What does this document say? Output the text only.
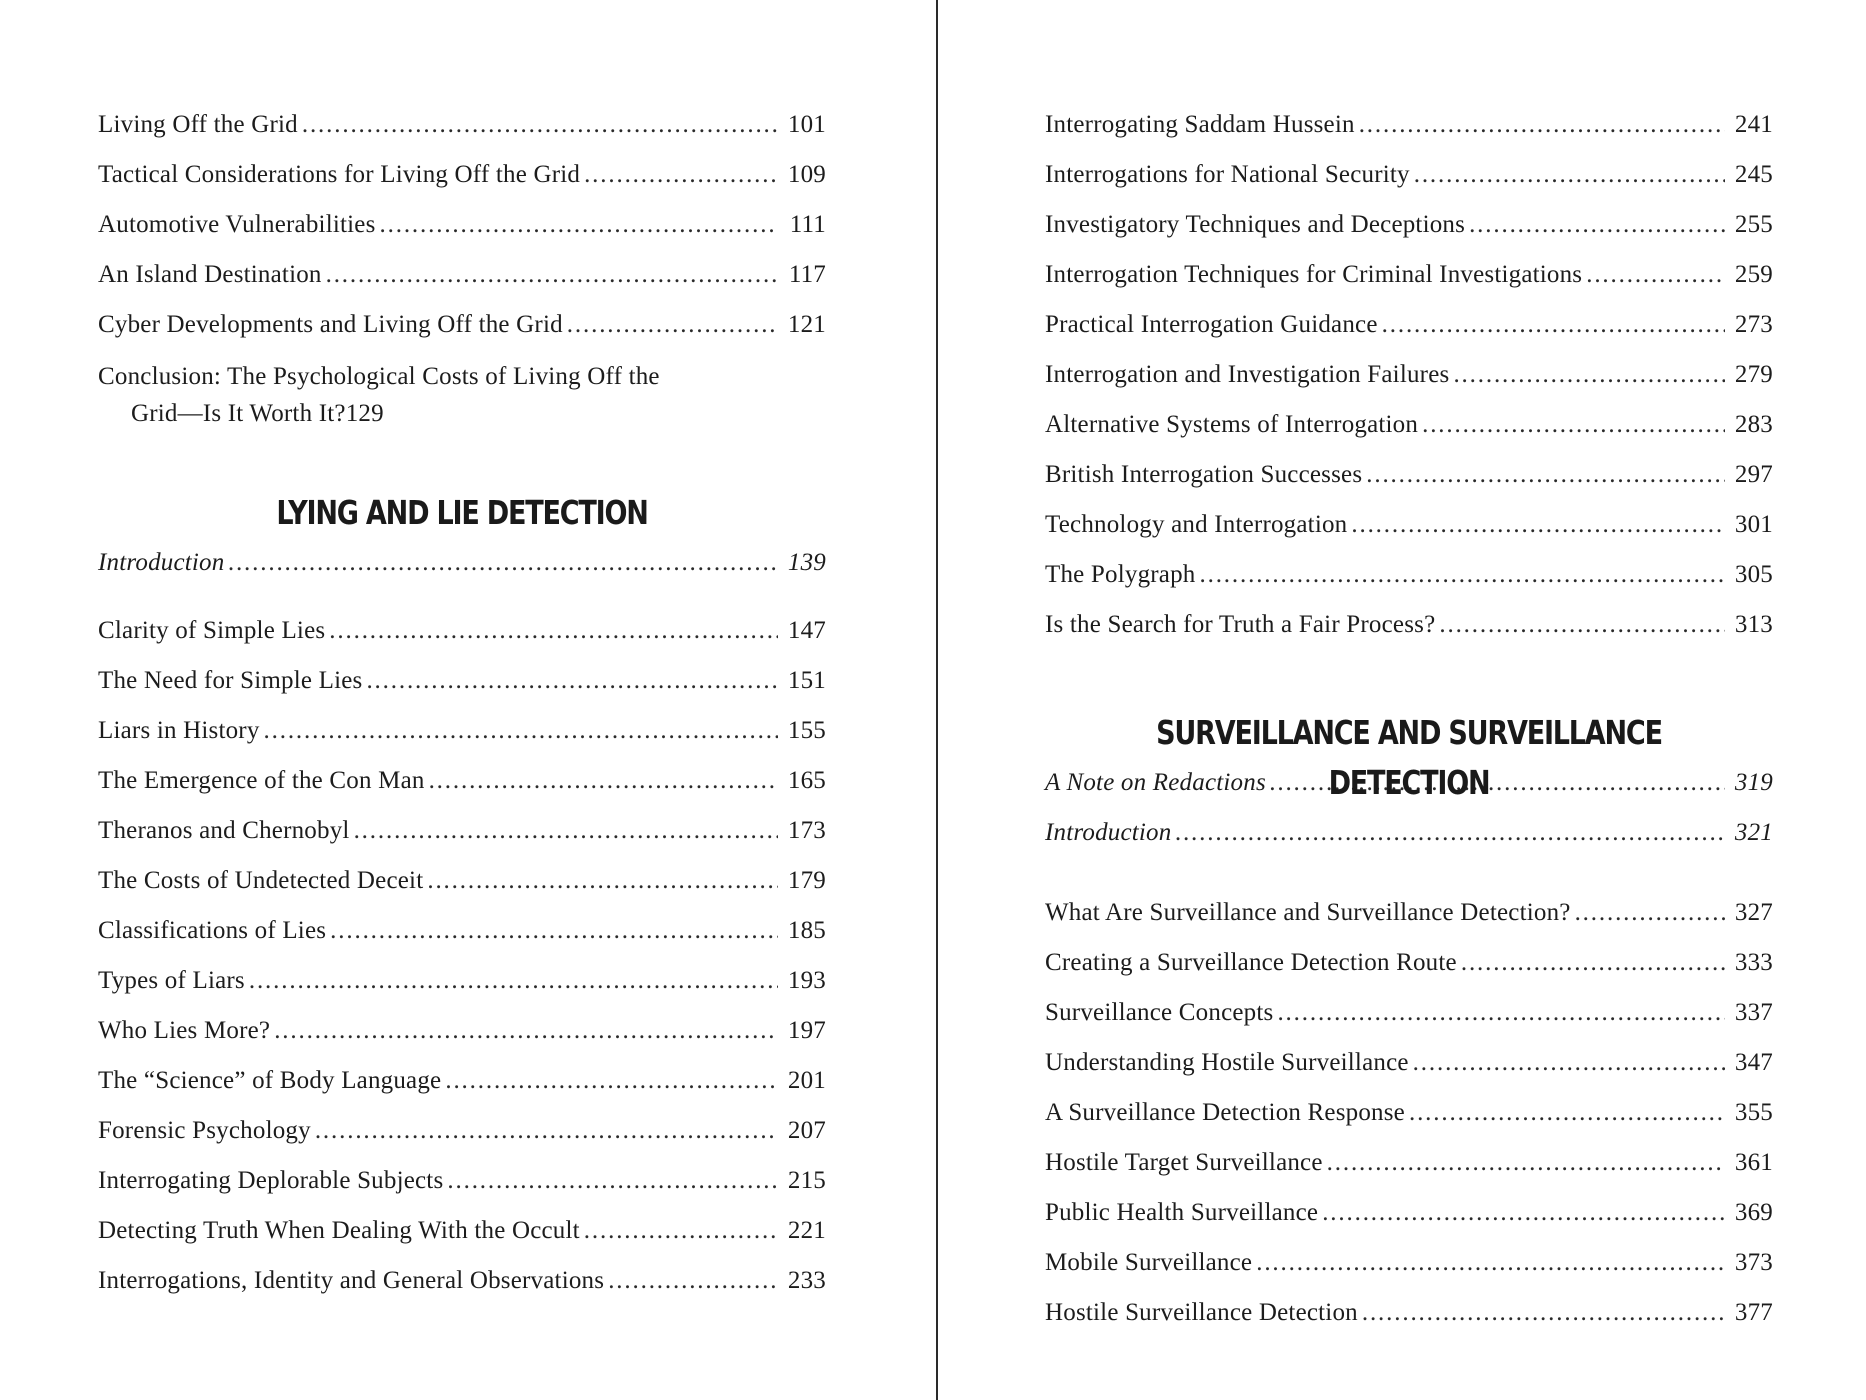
Living Off the Grid . . .	101
Tactical Considerations for Living Off the Grid . . .	109
Automotive Vulnerabilities . . .	111
An Island Destination . . .	117
Cyber Developments and Living Off the Grid . . .	121
Conclusion: The Psychological Costs of Living Off the
Grid—Is It Worth It? 129
LYING AND LIE DETECTION
Introduction . . .	139
Clarity of Simple Lies . . .	147
The Need for Simple Lies . . .	151
Liars in History . . .	155
The Emergence of the Con Man . . .	165
Theranos and Chernobyl . . .	173
The Costs of Undetected Deceit . . .	179
Classifications of Lies . . .	185
Types of Liars . . .	193
Who Lies More? . . .	197
The “Science” of Body Language . . .	201
Forensic Psychology . . .	207
Interrogating Deplorable Subjects . . .	215
Detecting Truth When Dealing With the Occult . . .	221
Interrogations, Identity and General Observations . . .	233
Interrogating Saddam Hussein . . .	241
Interrogations for National Security . . .	245
Investigatory Techniques and Deceptions . . .	255
Interrogation Techniques for Criminal Investigations . . .	259
Practical Interrogation Guidance . . .	273
Interrogation and Investigation Failures . . .	279
Alternative Systems of Interrogation . . .	283
British Interrogation Successes . . .	297
Technology and Interrogation . . .	301
The Polygraph . . .	305
Is the Search for Truth a Fair Process? . . .	313
SURVEILLANCE AND SURVEILLANCE DETECTION
A Note on Redactions . . .	319
Introduction . . .	321
What Are Surveillance and Surveillance Detection? . . .	327
Creating a Surveillance Detection Route . . .	333
Surveillance Concepts . . .	337
Understanding Hostile Surveillance . . .	347
A Surveillance Detection Response . . .	355
Hostile Target Surveillance . . .	361
Public Health Surveillance . . .	369
Mobile Surveillance . . .	373
Hostile Surveillance Detection . . .	377
